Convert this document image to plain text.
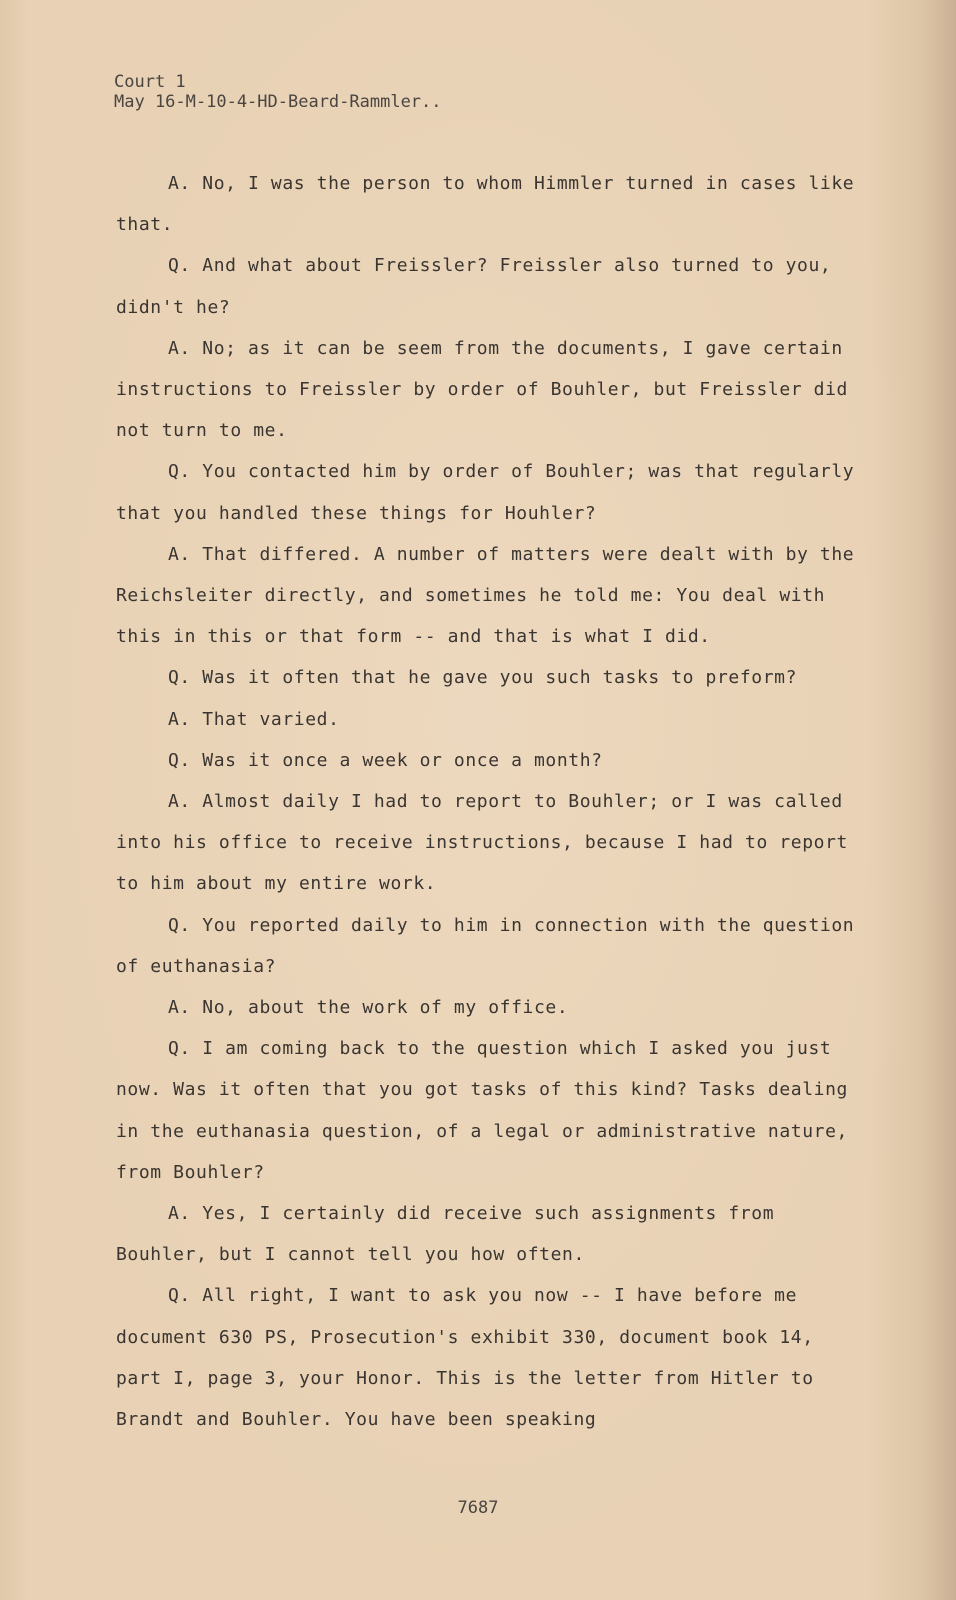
Court 1
May 16-M-10-4-HD-Beard-Rammler..

A. No, I was the person to whom Himmler turned in cases like that.

Q. And what about Freissler? Freissler also turned to you, didn't he?

A. No; as it can be seem from the documents, I gave certain instructions to Freissler by order of Bouhler, but Freissler did not turn to me.

Q. You contacted him by order of Bouhler; was that regularly that you handled these things for Houhler?

A. That differed. A number of matters were dealt with by the Reichsleiter directly, and sometimes he told me: You deal with this in this or that form -- and that is what I did.

Q. Was it often that he gave you such tasks to preform?

A. That varied.

Q. Was it once a week or once a month?

A. Almost daily I had to report to Bouhler; or I was called into his office to receive instructions, because I had to report to him about my entire work.

Q. You reported daily to him in connection with the question of euthanasia?

A. No, about the work of my office.

Q. I am coming back to the question which I asked you just now. Was it often that you got tasks of this kind? Tasks dealing in the euthanasia question, of a legal or administrative nature, from Bouhler?

A. Yes, I certainly did receive such assignments from Bouhler, but I cannot tell you how often.

Q. All right, I want to ask you now -- I have before me document 630 PS, Prosecution's exhibit 330, document book 14, part I, page 3, your Honor. This is the letter from Hitler to Brandt and Bouhler. You have been speaking

7687
